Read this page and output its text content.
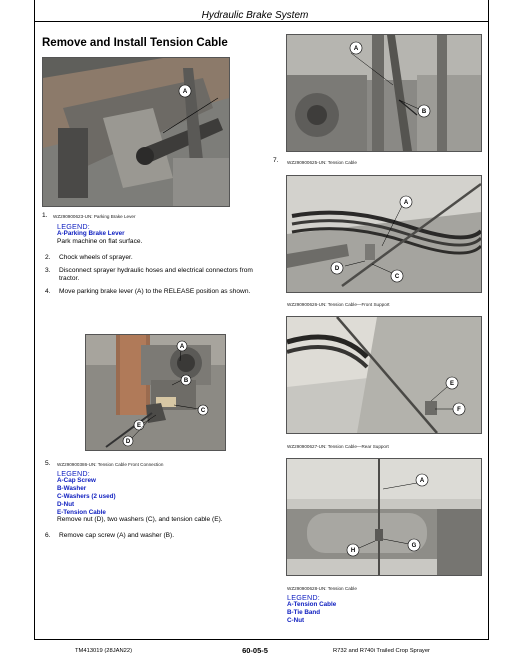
Hydraulic Brake System
Remove and Install Tension Cable
A
WZ290900623-UN: Parking Brake Lever
1.
LEGEND:
A-Parking Brake Lever
Park machine on flat surface.
2. Chock wheels of sprayer.
3. Disconnect sprayer hydraulic hoses and electrical connectors from tractor.
4. Move parking brake lever (A) to the RELEASE position as shown.
A
B
C
E
D
5. WZ290900386-UN: Tension Cable Front Connection
LEGEND:
A-Cap Screw
B-Washer
C-Washers (2 used)
D-Nut
E-Tension Cable
Remove nut (D), two washers (C), and tension cable (E).
6. Remove cap screw (A) and washer (B).
A
B
7. WZ290900625-UN: Tension Cable
A
C
D
WZ290900626-UN: Tension Cable—Front Support
E
F
WZ290900627-UN: Tension Cable—Rear Support
A
G
H
WZ290900628-UN: Tension Cable
LEGEND:
A-Tension Cable
B-Tie Band
C-Nut
TM413019 (28JAN22)	60-05-5	R732 and R740i Trailed Crop Sprayer
